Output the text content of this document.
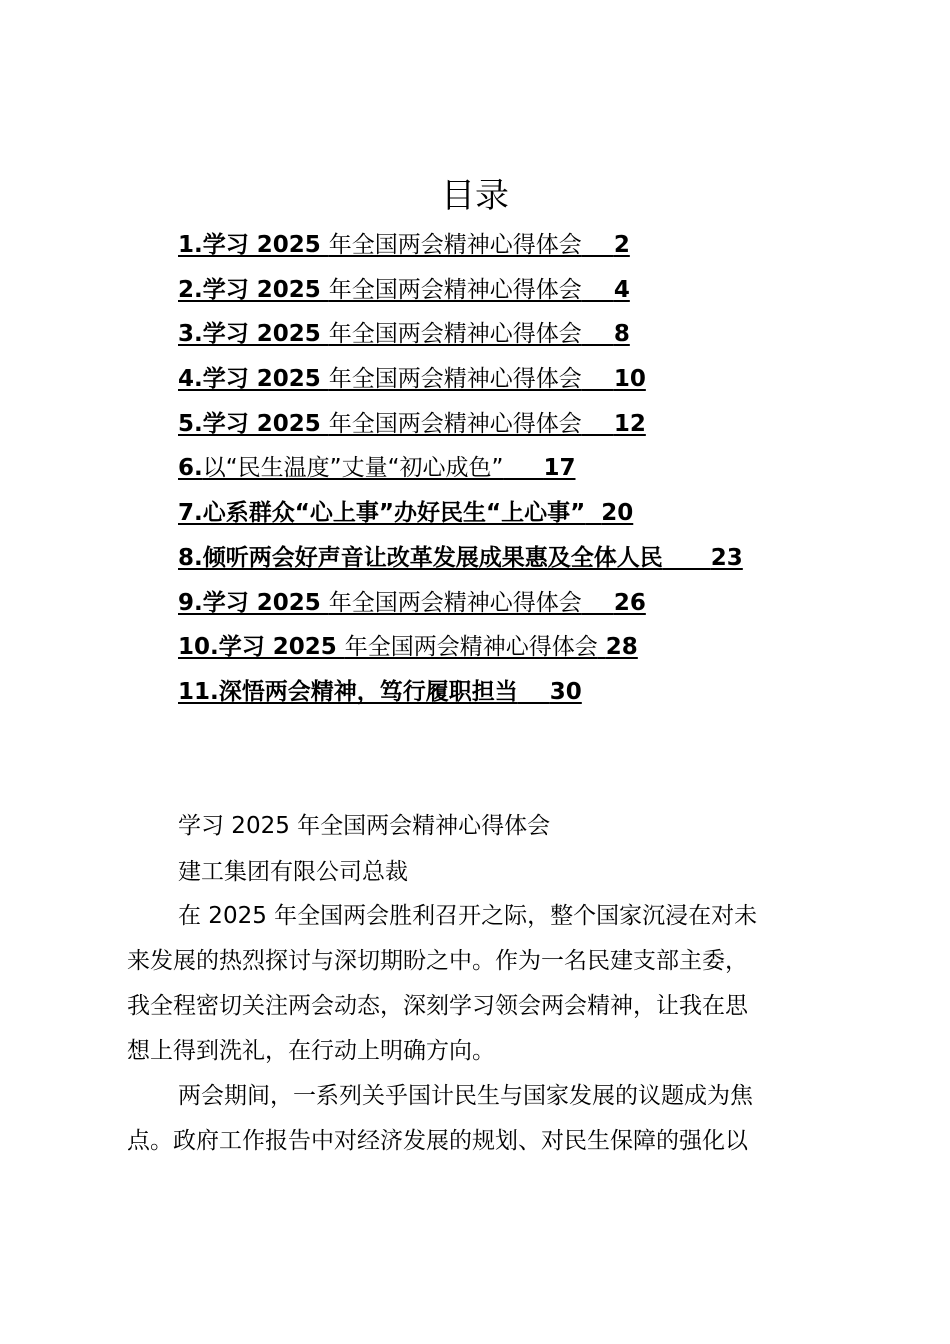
目录
1.学习 2025 年全国两会精神心得体会 2
2.学习 2025 年全国两会精神心得体会 4
3.学习 2025 年全国两会精神心得体会 8
4.学习 2025 年全国两会精神心得体会 10
5.学习 2025 年全国两会精神心得体会 12
6.以“民生温度”丈量“初心成色” 17
7.心系群众“心上事”办好民生“上心事” 20
8.倾听两会好声音让改革发展成果惠及全体人民 23
9.学习 2025 年全国两会精神心得体会 26
10.学习 2025 年全国两会精神心得体会 28
11.深悟两会精神，笃行履职担当 30
学习 2025 年全国两会精神心得体会
建工集团有限公司总裁
在 2025 年全国两会胜利召开之际，整个国家沉浸在对未
来发展的热烈探讨与深切期盼之中。作为一名民建支部主委，
我全程密切关注两会动态，深刻学习领会两会精神，让我在思
想上得到洗礼，在行动上明确方向。
两会期间，一系列关乎国计民生与国家发展的议题成为焦
点。政府工作报告中对经济发展的规划、对民生保障的强化以
